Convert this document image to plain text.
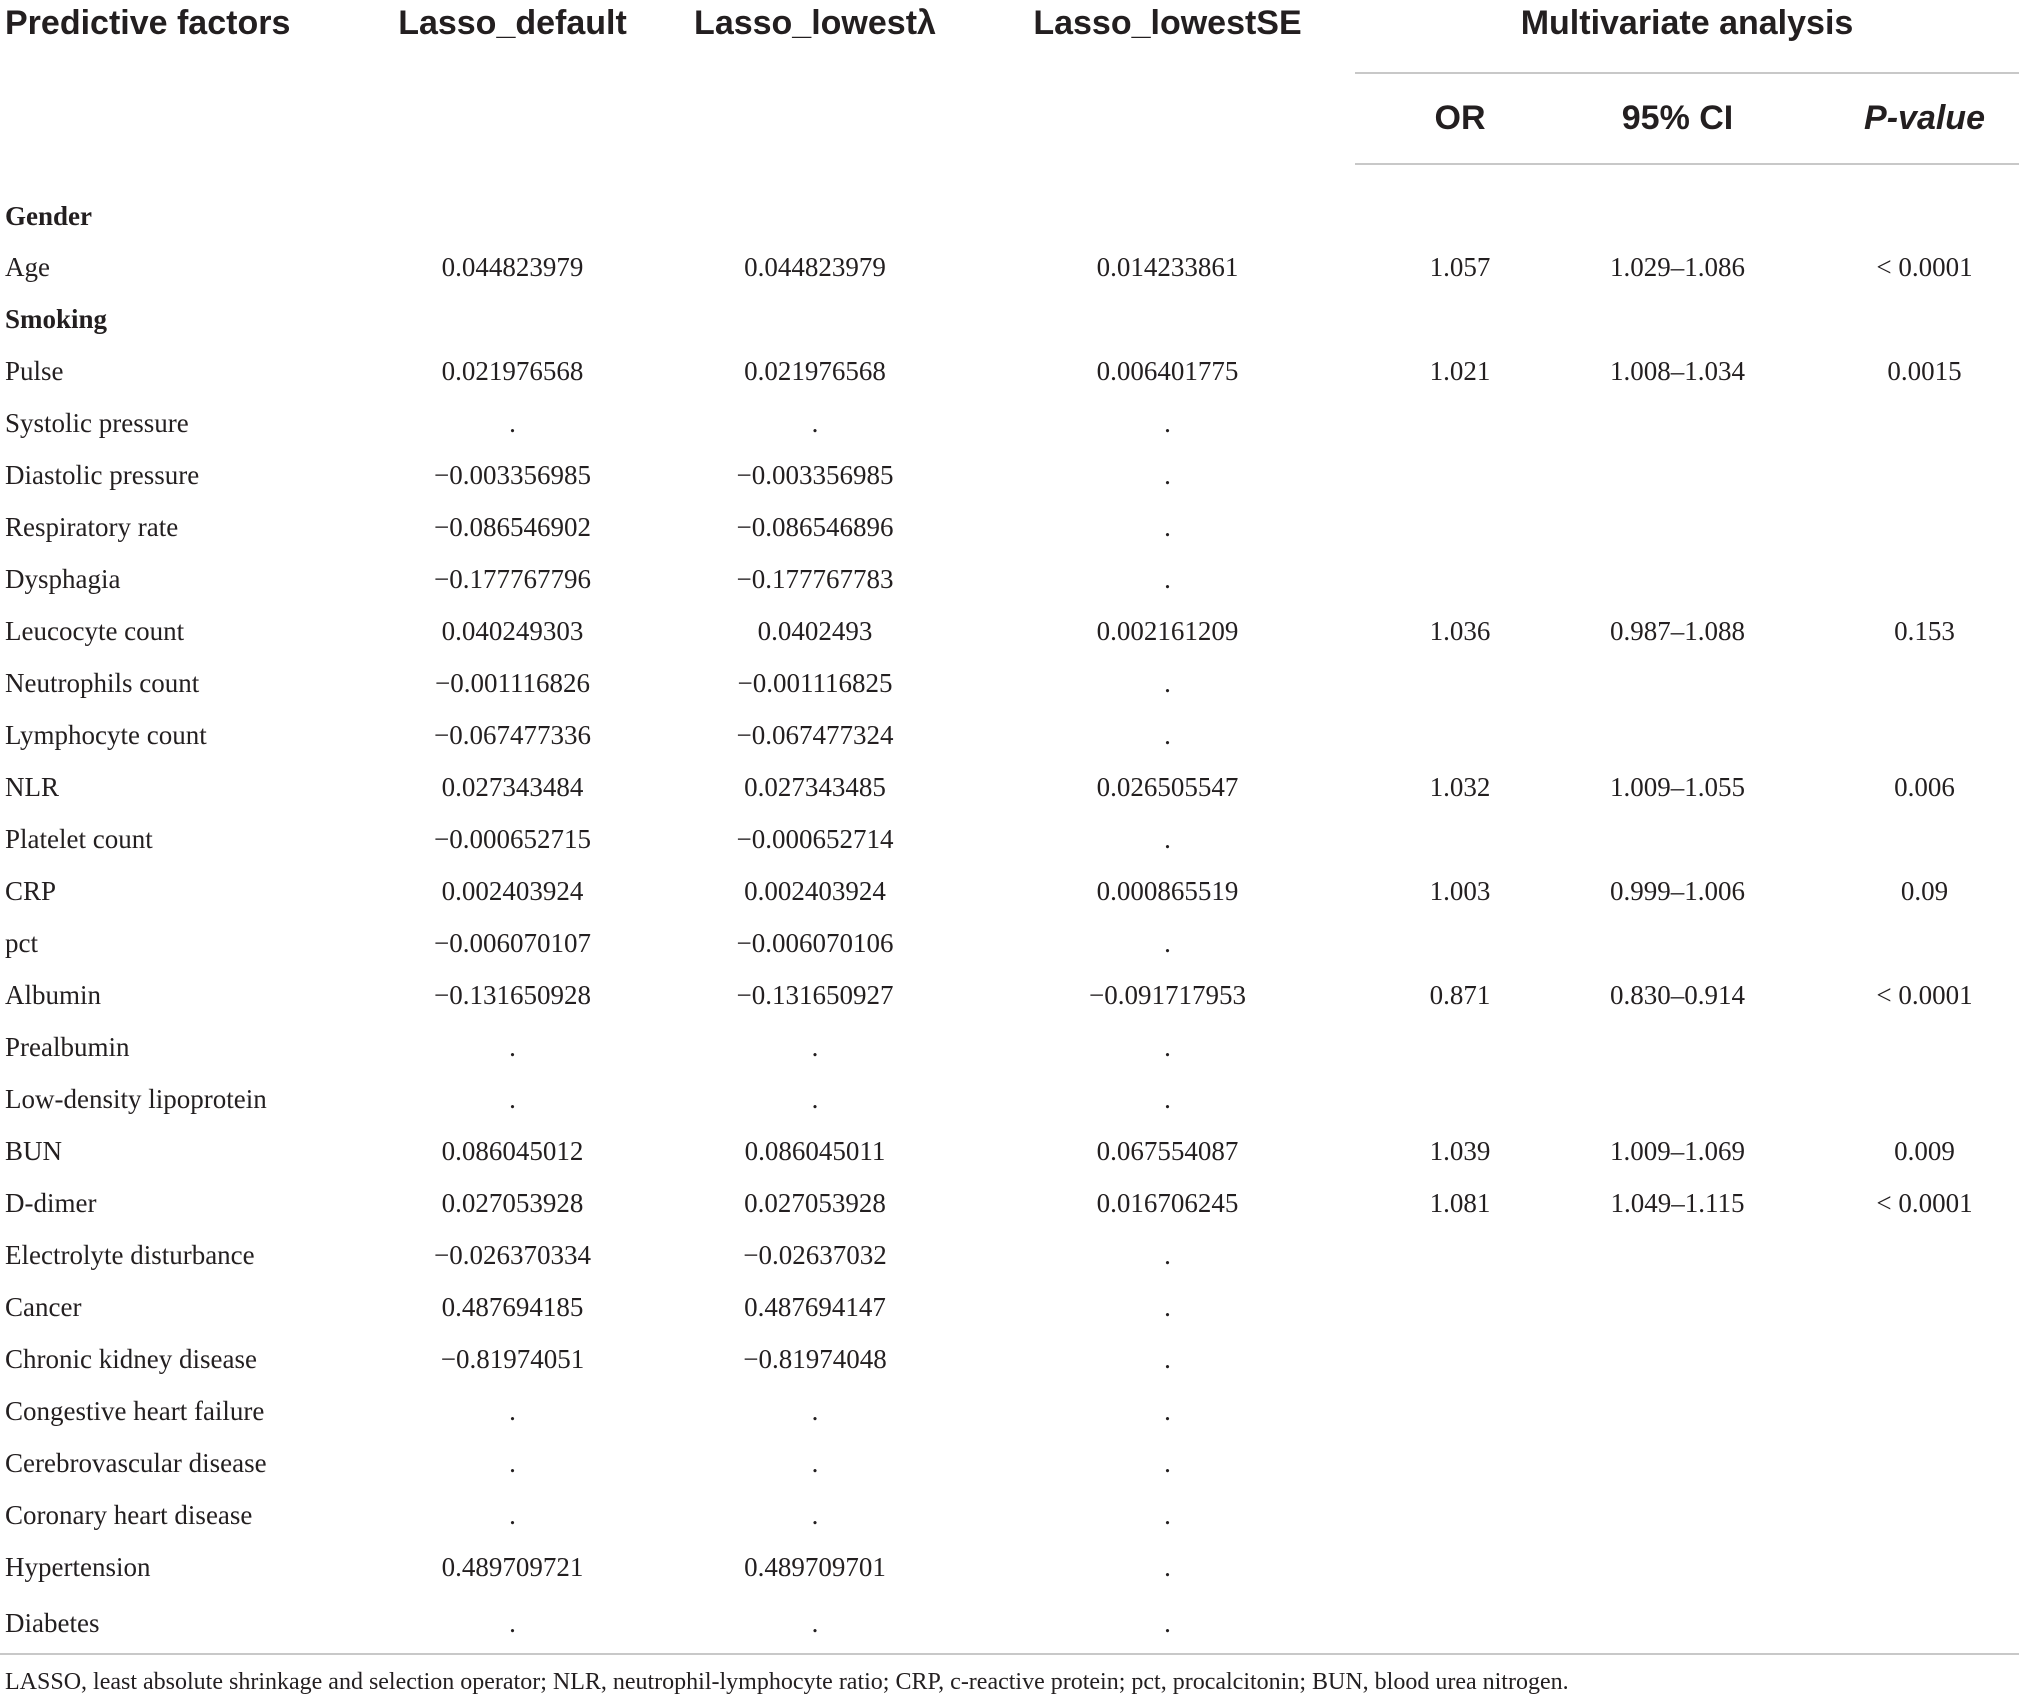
Predictive factors	Lasso_default	Lasso_lowestλ	Lasso_lowestSE	Multivariate analysis		
				OR	95% CI	P-value
Gender						
Age	0.044823979	0.044823979	0.014233861	1.057	1.029–1.086	< 0.0001
Smoking						
Pulse	0.021976568	0.021976568	0.006401775	1.021	1.008–1.034	0.0015
Systolic pressure	.	.	.			
Diastolic pressure	−0.003356985	−0.003356985	.			
Respiratory rate	−0.086546902	−0.086546896	.			
Dysphagia	−0.177767796	−0.177767783	.			
Leucocyte count	0.040249303	0.0402493	0.002161209	1.036	0.987–1.088	0.153
Neutrophils count	−0.001116826	−0.001116825	.			
Lymphocyte count	−0.067477336	−0.067477324	.			
NLR	0.027343484	0.027343485	0.026505547	1.032	1.009–1.055	0.006
Platelet count	−0.000652715	−0.000652714	.			
CRP	0.002403924	0.002403924	0.000865519	1.003	0.999–1.006	0.09
pct	−0.006070107	−0.006070106	.			
Albumin	−0.131650928	−0.131650927	−0.091717953	0.871	0.830–0.914	< 0.0001
Prealbumin	.	.	.			
Low-density lipoprotein	.	.	.			
BUN	0.086045012	0.086045011	0.067554087	1.039	1.009–1.069	0.009
D-dimer	0.027053928	0.027053928	0.016706245	1.081	1.049–1.115	< 0.0001
Electrolyte disturbance	−0.026370334	−0.02637032	.			
Cancer	0.487694185	0.487694147	.			
Chronic kidney disease	−0.81974051	−0.81974048	.			
Congestive heart failure	.	.	.			
Cerebrovascular disease	.	.	.			
Coronary heart disease	.	.	.			
Hypertension	0.489709721	0.489709701	.			
Diabetes	.	.	.			
LASSO, least absolute shrinkage and selection operator; NLR, neutrophil-lymphocyte ratio; CRP, c-reactive protein; pct, procalcitonin; BUN, blood urea nitrogen.						
